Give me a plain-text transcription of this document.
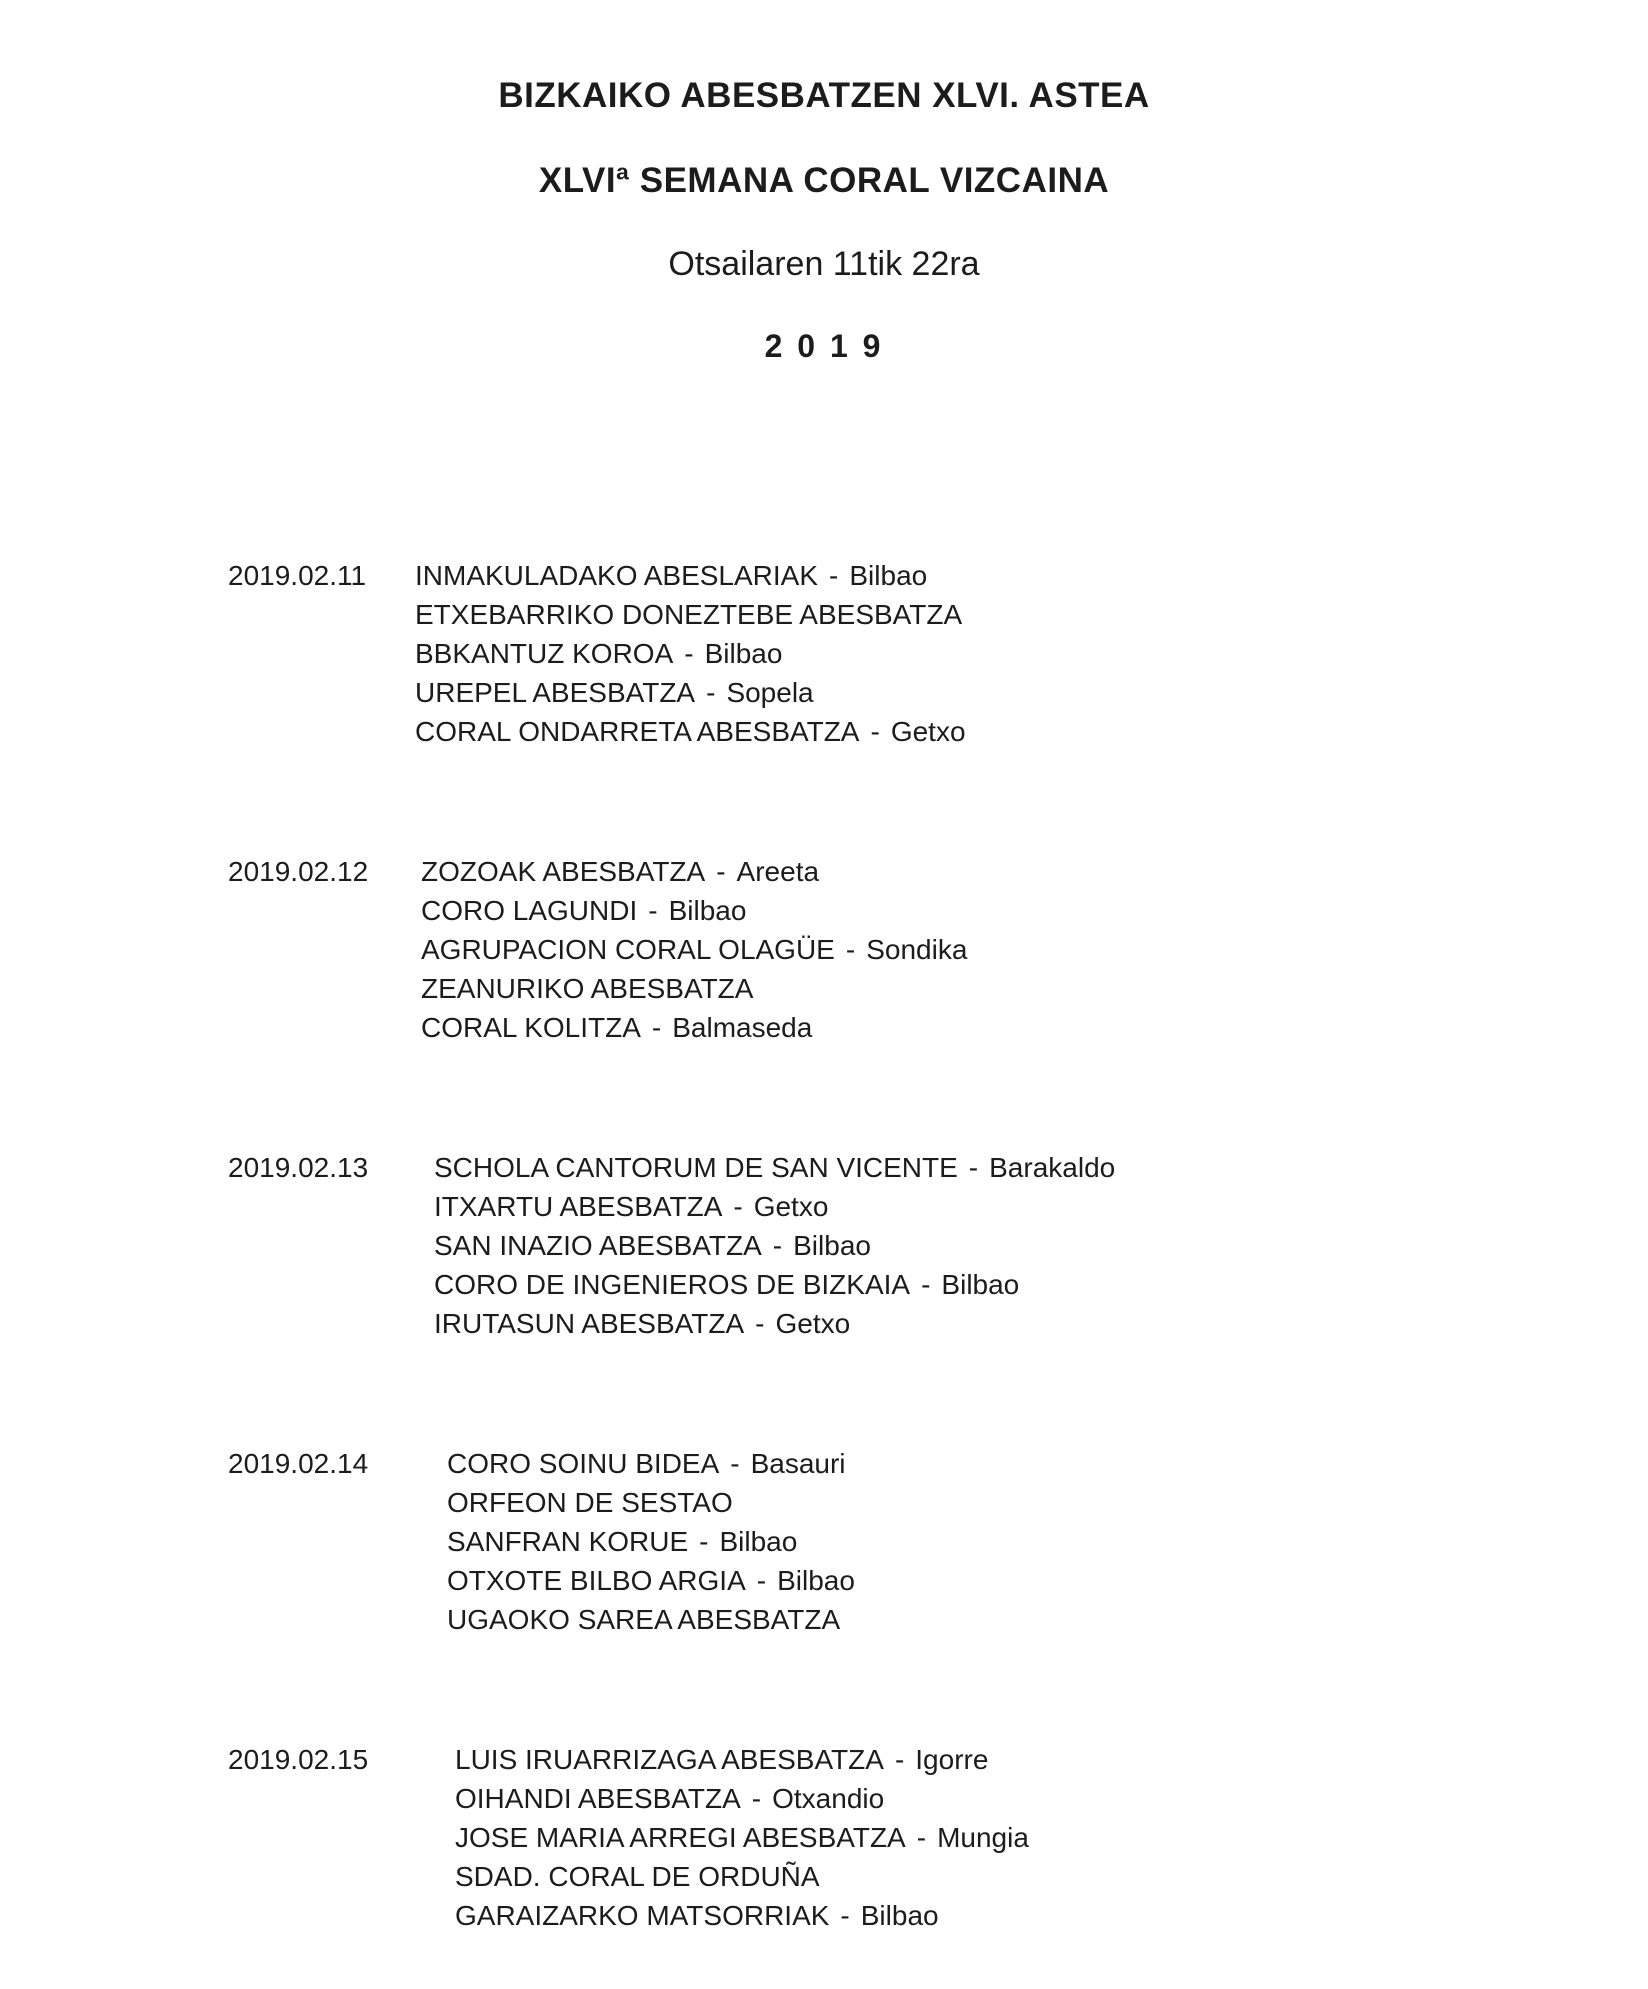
BIZKAIKO ABESBATZEN XLVI. ASTEA
XLVIª SEMANA CORAL VIZCAINA

Otsailaren 11tik 22ra

2 0 1 9

2019.02.11 INMAKULADAKO ABESLARIAK - Bilbao
ETXEBARRIKO DONEZTEBE ABESBATZA
BBKANTUZ KOROA - Bilbao
UREPEL ABESBATZA - Sopela
CORAL ONDARRETA ABESBATZA - Getxo
2019.02.12 ZOZOAK ABESBATZA - Areeta
CORO LAGUNDI - Bilbao
AGRUPACION CORAL OLAGÜE - Sondika
ZEANURIKO ABESBATZA
CORAL KOLITZA - Balmaseda
2019.02.13 SCHOLA CANTORUM DE SAN VICENTE - Barakaldo
ITXARTU ABESBATZA - Getxo
SAN INAZIO ABESBATZA - Bilbao
CORO DE INGENIEROS DE BIZKAIA - Bilbao
IRUTASUN ABESBATZA - Getxo
2019.02.14	CORO SOINU BIDEA - Basauri
ORFEON DE SESTAO
SANFRAN KORUE - Bilbao
OTXOTE BILBO ARGIA - Bilbao
UGAOKO SAREA ABESBATZA
2019.02.15	LUIS IRUARRIZAGA ABESBATZA - Igorre
OIHANDI ABESBATZA - Otxandio
JOSE MARIA ARREGI ABESBATZA - Mungia
SDAD. CORAL DE ORDUÑA
GARAIZARKO MATSORRIAK - Bilbao
